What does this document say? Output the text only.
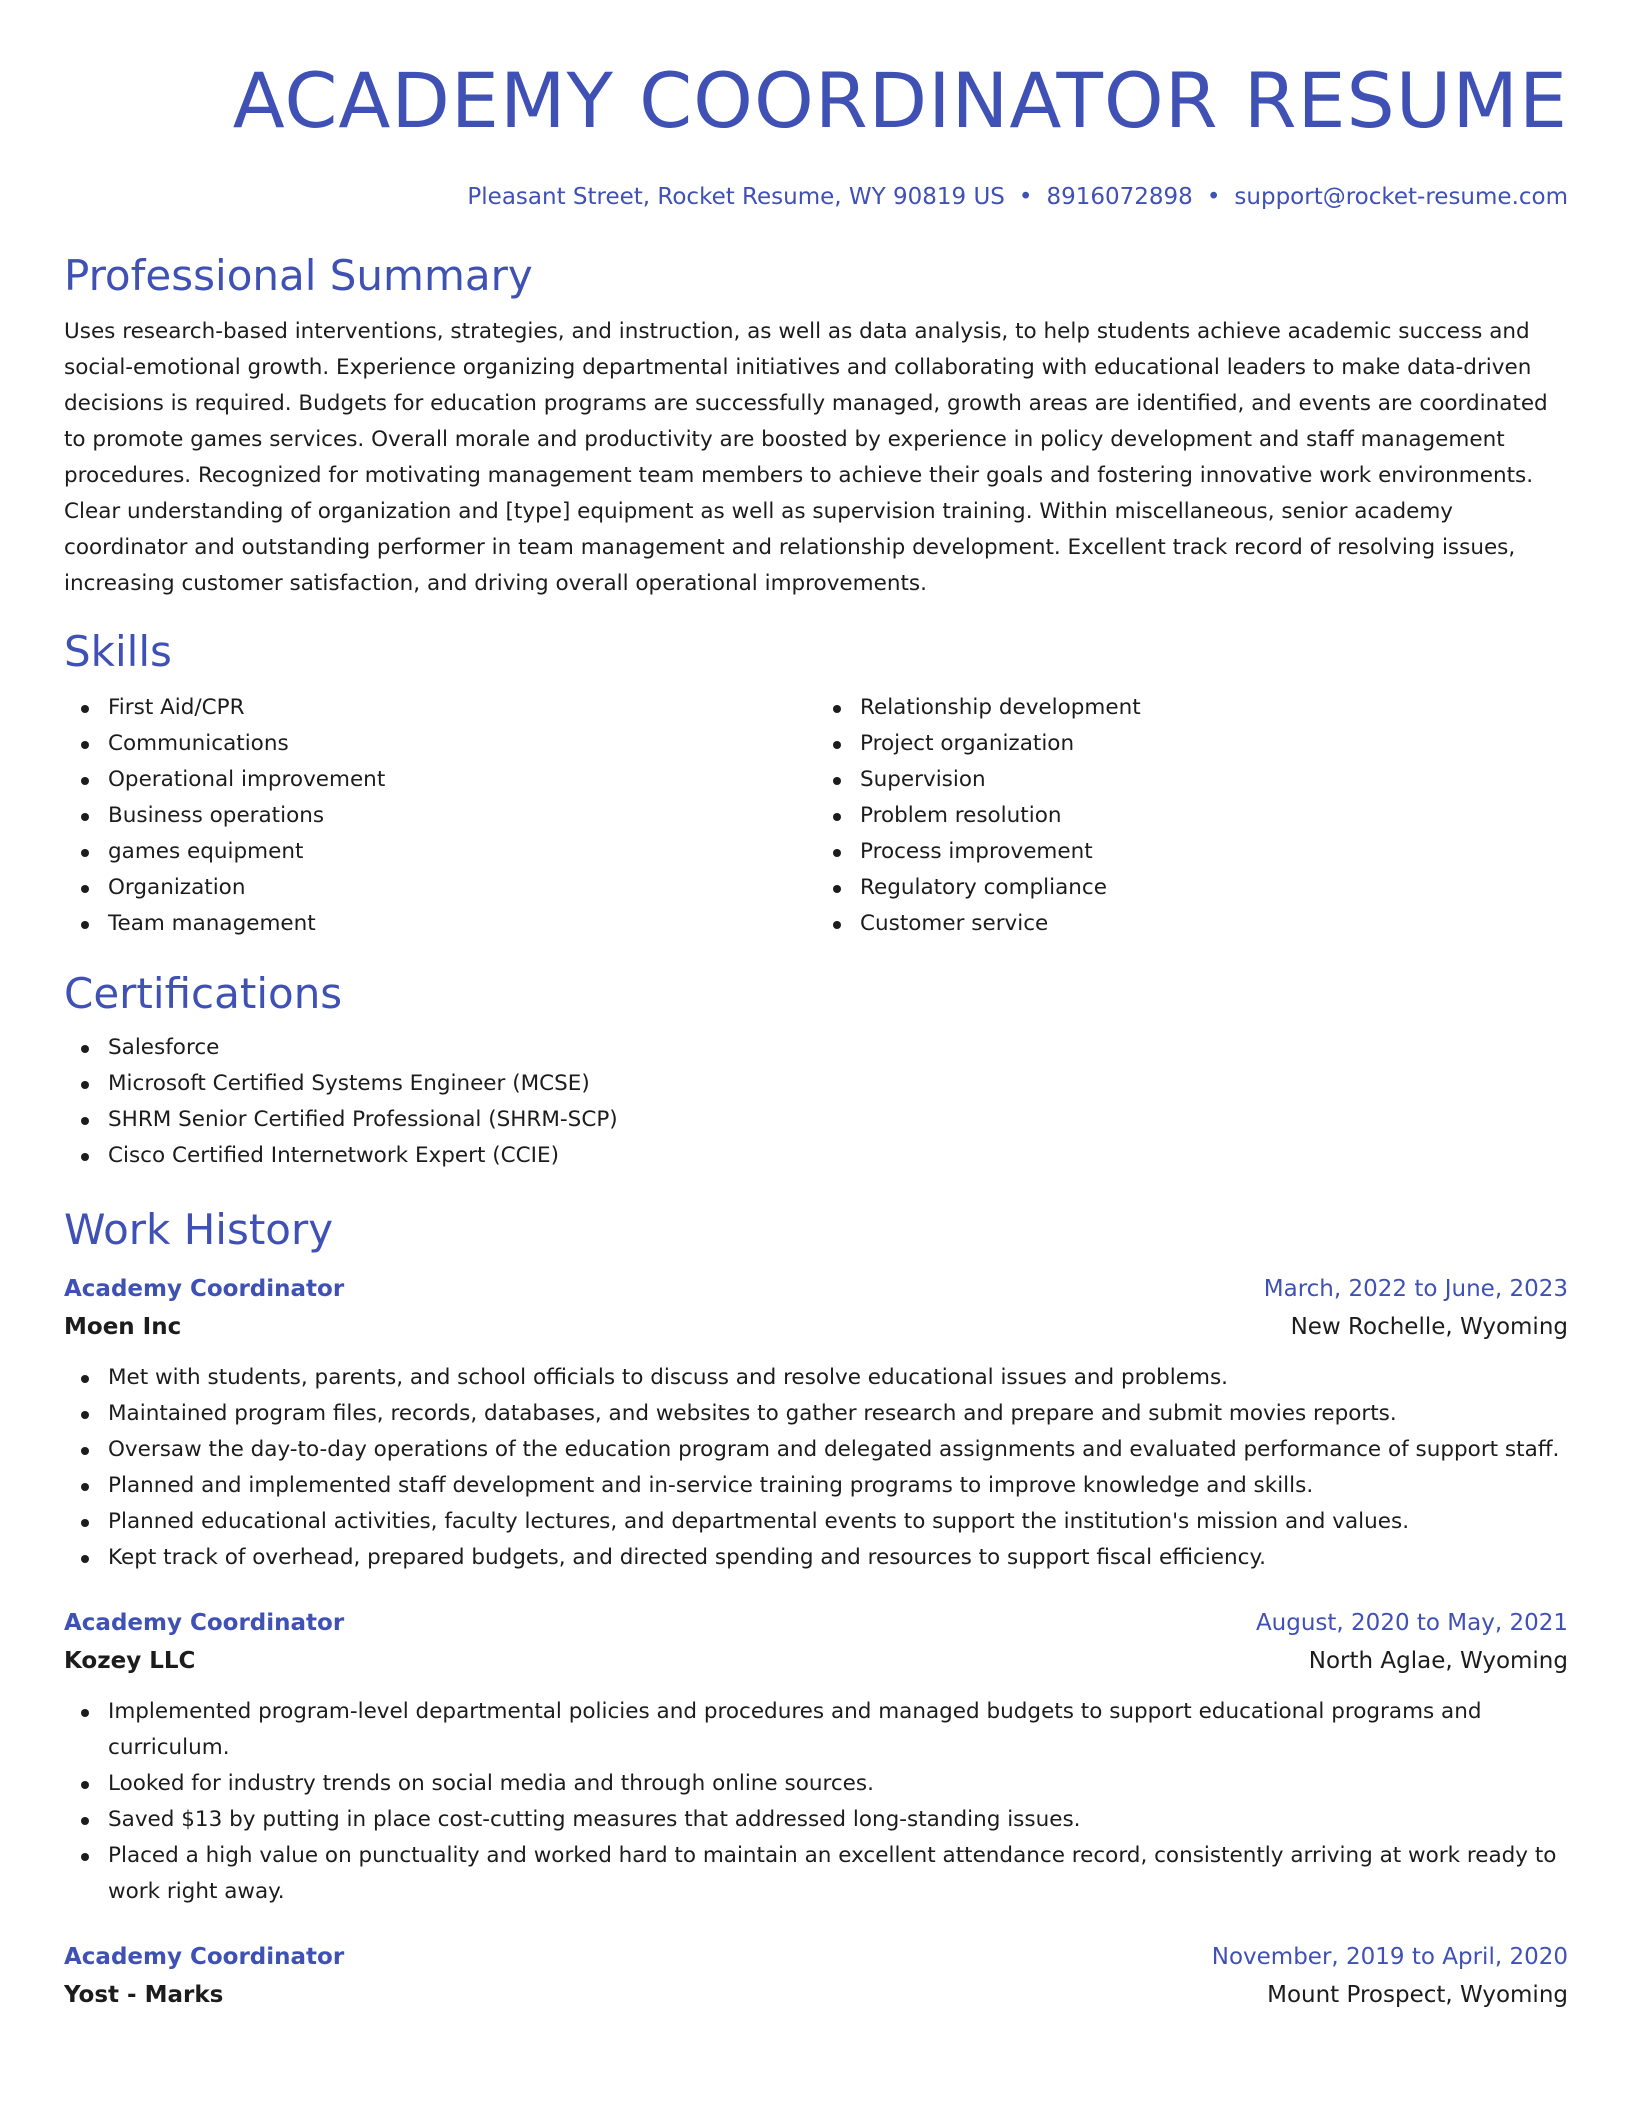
ACADEMY COORDINATOR RESUME
Pleasant Street, Rocket Resume, WY 90819 US • 8916072898 • support@rocket-resume.com
Professional Summary

Uses research-based interventions, strategies, and instruction, as well as data analysis, to help students achieve academic success and social-emotional growth. Experience organizing departmental initiatives and collaborating with educational leaders to make data-driven decisions is required. Budgets for education programs are successfully managed, growth areas are identified, and events are coordinated to promote games services. Overall morale and productivity are boosted by experience in policy development and staff management procedures. Recognized for motivating management team members to achieve their goals and fostering innovative work environments. Clear understanding of organization and [type] equipment as well as supervision training. Within miscellaneous, senior academy coordinator and outstanding performer in team management and relationship development. Excellent track record of resolving issues, increasing customer satisfaction, and driving overall operational improvements.

Skills
First Aid/CPR
Communications
Operational improvement
Business operations
games equipment
Organization
Team management
Relationship development
Project organization
Supervision
Problem resolution
Process improvement
Regulatory compliance
Customer service
Certifications
Salesforce
Microsoft Certified Systems Engineer (MCSE)
SHRM Senior Certified Professional (SHRM-SCP)
Cisco Certified Internetwork Expert (CCIE)
Work History
Academy Coordinator	March, 2022 to June, 2023
Moen Inc	New Rochelle, Wyoming
Met with students, parents, and school officials to discuss and resolve educational issues and problems.
Maintained program files, records, databases, and websites to gather research and prepare and submit movies reports.
Oversaw the day-to-day operations of the education program and delegated assignments and evaluated performance of support staff.
Planned and implemented staff development and in-service training programs to improve knowledge and skills.
Planned educational activities, faculty lectures, and departmental events to support the institution's mission and values.
Kept track of overhead, prepared budgets, and directed spending and resources to support fiscal efficiency.
Academy Coordinator	August, 2020 to May, 2021
Kozey LLC	North Aglae, Wyoming
Implemented program-level departmental policies and procedures and managed budgets to support educational programs and curriculum.
Looked for industry trends on social media and through online sources.
Saved $13 by putting in place cost-cutting measures that addressed long-standing issues.
Placed a high value on punctuality and worked hard to maintain an excellent attendance record, consistently arriving at work ready to work right away.
Academy Coordinator	November, 2019 to April, 2020
Yost - Marks	Mount Prospect, Wyoming
